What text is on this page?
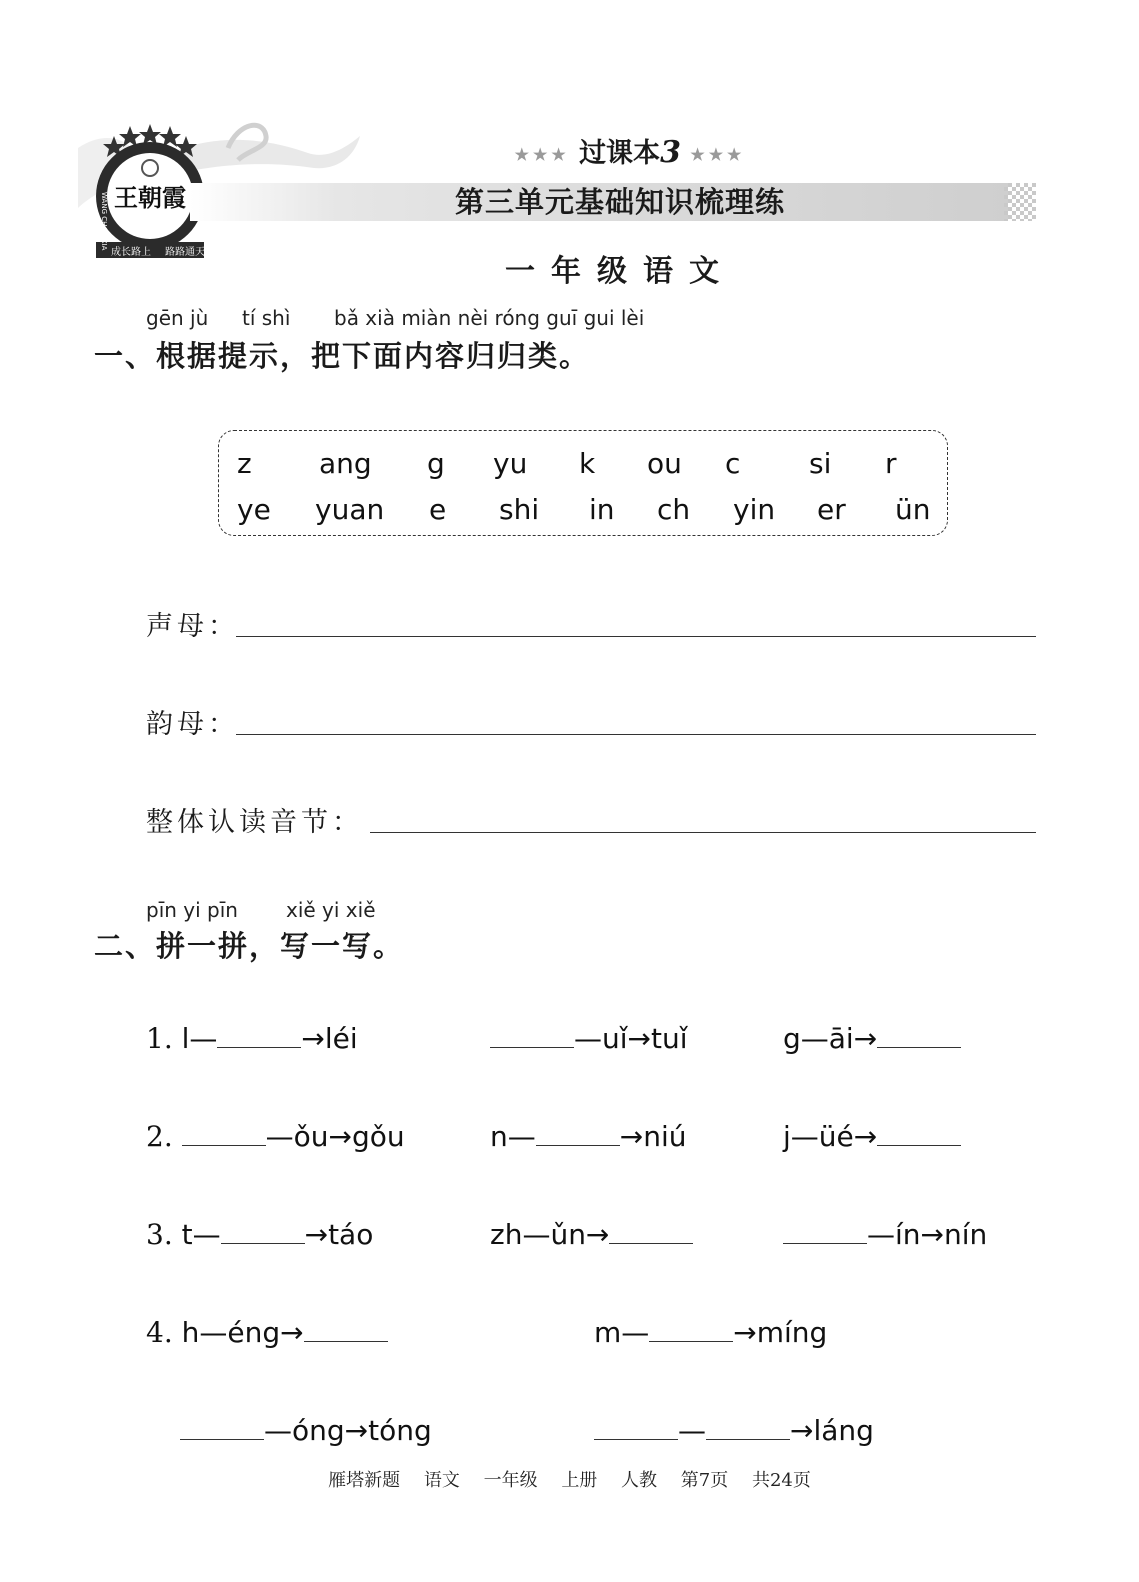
王朝霞
WANG CHAO XIA
成长路上 路路通天
★★★ 过课本3 ★★★
第三单元基础知识梳理练
一年级语文
gēn jù tí shì bǎ xià miàn nèi róng guī gui lèi
一、根据提示，把下面内容归归类。
z ang g yu k ou c si r
ye yuan e shi in ch yin er ün
声母：
韵母：
整体认读音节：
pīn yi pīn xiě yi xiě
二、拼一拼，写一写。
1. l—	→léi	—uǐ→tuǐ	g—āi→
2.	—ǒu→gǒu	n—	→niú	j—üé→
3. t—	→táo	zh—ǔn→	—ín→nín
4. h—éng→	m—	→míng
—óng→tóng	—	→láng
雁塔新题 语文 一年级 上册 人教 第7页 共24页
